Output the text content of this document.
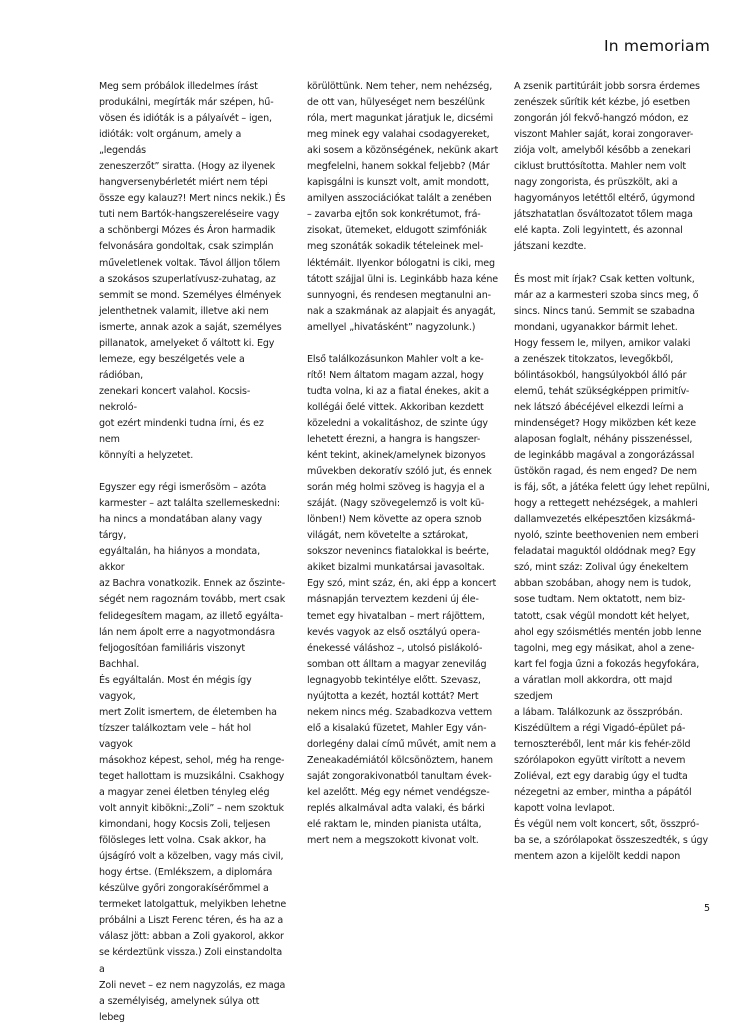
In memoriam

Meg sem próbálok illedelmes írást
produkálni, megírták már szépen, hű-
vösen és idióták is a pályaívét – igen,
idióták: volt orgánum, amely a „legendás
zeneszerzőt” siratta. (Hogy az ilyenek
hangversenybérletét miért nem tépi
össze egy kalauz?! Mert nincs nekik.) És
tuti nem Bartók-hangszereléseire vagy
a schönbergi Mózes és Áron harmadik
felvonására gondoltak, csak szimplán
műveletlenek voltak. Távol álljon tőlem
a szokásos szuperlatívusz-zuhatag, az
semmit se mond. Személyes élmények
jelenthetnek valamit, illetve aki nem
ismerte, annak azok a saját, személyes
pillanatok, amelyeket ő váltott ki. Egy
lemeze, egy beszélgetés vele a rádióban,
zenekari koncert valahol. Kocsis-nekroló-
got ezért mindenki tudna írni, és ez nem
könnyíti a helyzetet.

Egyszer egy régi ismerősöm – azóta
karmester – azt találta szellemeskedni:
ha nincs a mondatában alany vagy tárgy,
egyáltalán, ha hiányos a mondata, akkor
az Bachra vonatkozik. Ennek az őszinte-
ségét nem ragoznám tovább, mert csak
felidegesítem magam, az illető egyálta-
lán nem ápolt erre a nagyotmondásra
feljogosítóan familiáris viszonyt Bachhal.
És egyáltalán. Most én mégis így vagyok,
mert Zolit ismertem, de életemben ha
tízszer találkoztam vele – hát hol vagyok
másokhoz képest, sehol, még ha renge-
teget hallottam is muzsikálni. Csakhogy
a magyar zenei életben tényleg elég
volt annyit kibökni:„Zoli” – nem szoktuk
kimondani, hogy Kocsis Zoli, teljesen
fölösleges lett volna. Csak akkor, ha
újságíró volt a közelben, vagy más civil,
hogy értse. (Emlékszem, a diplomára
készülve győri zongorakísérőmmel a
termeket latolgattuk, melyikben lehetne
próbálni a Liszt Ferenc téren, és ha az a
válasz jött: abban a Zoli gyakorol, akkor
se kérdeztünk vissza.) Zoli einstandolta a
Zoli nevet – ez nem nagyzolás, ez maga
a személyiség, amelynek súlya ott lebeg

körülöttünk. Nem teher, nem nehézség,
de ott van, hülyeséget nem beszélünk
róla, mert magunkat járatjuk le, dicsémi
meg minek egy valahai csodagyereket,
aki sosem a közönségének, nekünk akart
megfelelni, hanem sokkal feljebb? (Már
kapisgálni is kunszt volt, amit mondott,
amilyen asszociációkat talált a zenében
– zavarba ejtőn sok konkrétumot, frá-
zisokat, ütemeket, eldugott szimfóniák
meg szonáták sokadik tételeinek mel-
léktémáit. Ilyenkor bólogatni is ciki, meg
tátott szájjal ülni is. Leginkább haza kéne
sunnyogni, és rendesen megtanulni an-
nak a szakmának az alapjait és anyagát,
amellyel „hivatásként” nagyzolunk.)

Első találkozásunkon Mahler volt a ke-
rítő! Nem áltatom magam azzal, hogy
tudta volna, ki az a fiatal énekes, akit a
kollégái őelé vittek. Akkoriban kezdett
közeledni a vokalitáshoz, de szinte úgy
lehetett érezni, a hangra is hangszer-
ként tekint, akinek/amelynek bizonyos
művekben dekoratív szóló jut, és ennek
során még holmi szöveg is hagyja el a
száját. (Nagy szövegelemző is volt kü-
lönben!) Nem követte az opera sznob
világát, nem követelte a sztárokat,
sokszor nevenincs fiatalokkal is beérte,
akiket bizalmi munkatársai javasoltak.
Egy szó, mint száz, én, aki épp a koncert
másnapján terveztem kezdeni új éle-
temet egy hivatalban – mert rájöttem,
kevés vagyok az első osztályú opera-
énekessé váláshoz –, utolsó pislákoló-
somban ott álltam a magyar zenevilág
legnagyobb tekintélye előtt. Szevasz,
nyújtotta a kezét, hoztál kottát? Mert
nekem nincs még. Szabadkozva vettem
elő a kisalakú füzetet, Mahler Egy ván-
dorlegény dalai című művét, amit nem a
Zeneakadémiától kölcsönöztem, hanem
saját zongorakivonatból tanultam évek-
kel azelőtt. Még egy német vendégsze-
replés alkalmával adta valaki, és bárki
elé raktam le, minden pianista utálta,
mert nem a megszokott kivonat volt.

A zsenik partitúráit jobb sorsra érdemes
zenészek sűrítik két kézbe, jó esetben
zongorán jól fekvő-hangzó módon, ez
viszont Mahler saját, korai zongoraver-
ziója volt, amelyből később a zenekari
ciklust bruttósította. Mahler nem volt
nagy zongorista, és prüszkölt, aki a
hagyományos letéttől eltérő, úgymond
játszhatatlan ősváltozatot tőlem maga
elé kapta. Zoli legyintett, és azonnal
játszani kezdte.

És most mit írjak? Csak ketten voltunk,
már az a karmesteri szoba sincs meg, ő
sincs. Nincs tanú. Semmit se szabadna
mondani, ugyanakkor bármit lehet.
Hogy fessem le, milyen, amikor valaki
a zenészek titokzatos, levegőkből,
bólintásokból, hangsúlyokból álló pár
elemű, tehát szükségképpen primitív-
nek látszó ábécéjével elkezdi leírni a
mindenséget? Hogy miközben két keze
alaposan foglalt, néhány pisszenéssel,
de leginkább magával a zongorázással
üstökön ragad, és nem enged? De nem
is fáj, sőt, a játéka felett úgy lehet repülni,
hogy a rettegett nehézségek, a mahleri
dallamvezetés elképesztően kizsákmá-
nyoló, szinte beethovenien nem emberi
feladatai maguktól oldódnak meg? Egy
szó, mint száz: Zolival úgy énekeltem
abban szobában, ahogy nem is tudok,
sose tudtam. Nem oktatott, nem biz-
tatott, csak végül mondott két helyet,
ahol egy szóismétlés mentén jobb lenne
tagolni, meg egy másikat, ahol a zene-
kart fel fogja űzni a fokozás hegyfokára,
a váratlan moll akkordra, ott majd szedjem
a lábam. Találkozunk az összpróbán.
Kiszédültem a régi Vigadó-épület pá-
ternoszteréből, lent már kis fehér-zöld
szórólapokon együtt virított a nevem
Zoliéval, ezt egy darabig úgy el tudta
nézegetni az ember, mintha a pápától
kapott volna levlapot.
És végül nem volt koncert, sőt, összpró-
ba se, a szórólapokat összeszedték, s úgy
mentem azon a kijelölt keddi napon

5
